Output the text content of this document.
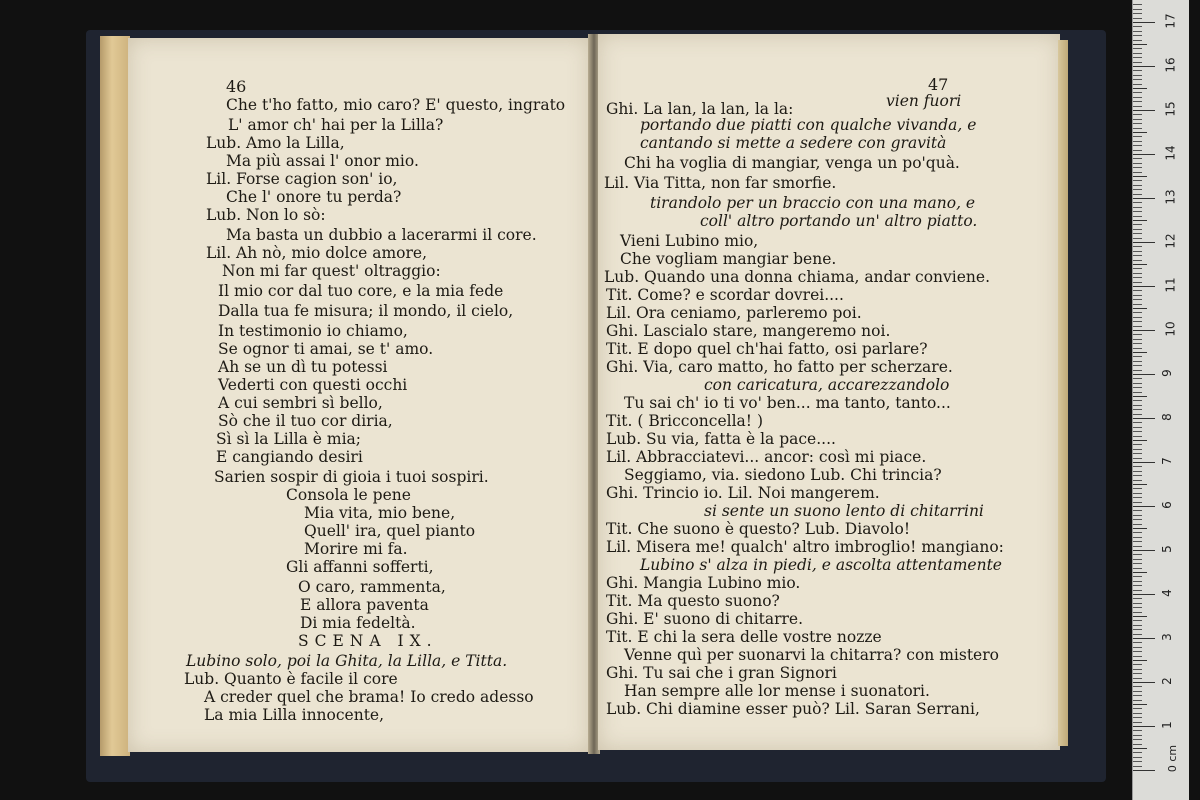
46
Che t'ho fatto, mio caro? E' questo, ingrato
L' amor ch' hai per la Lilla?
Lub. Amo la Lilla,
Ma più assai l' onor mio.
Lil. Forse cagion son' io,
Che l' onore tu perda?
Lub. Non lo sò:
Ma basta un dubbio a lacerarmi il core.
Lil. Ah nò, mio dolce amore,
Non mi far quest' oltraggio:
Il mio cor dal tuo core, e la mia fede
Dalla tua fe misura; il mondo, il cielo,
In testimonio io chiamo,
Se ognor ti amai, se t' amo.
Ah se un dì tu potessi
Vederti con questi occhi
A cui sembri sì bello,
Sò che il tuo cor diria,
Sì sì la Lilla è mia;
E cangiando desiri
Sarien sospir di gioia i tuoi sospiri.
Consola le pene
Mia vita, mio bene,
Quell' ira, quel pianto
Morire mi fa.
Gli affanni sofferti,
O caro, rammenta,
E allora paventa
Di mia fedeltà.
SCENA IX.
Lubino solo, poi la Ghita, la Lilla, e Titta.
Lub. Quanto è facile il core
A creder quel che brama! Io credo adesso
La mia Lilla innocente,
47
Ghi. La lan, la lan, la la:	vien fuori
portando due piatti con qualche vivanda, e
cantando si mette a sedere con gravità
Chi ha voglia di mangiar, venga un po'quà.
Lil. Via Titta, non far smorfie.
tirandolo per un braccio con una mano, e
coll' altro portando un' altro piatto.
Vieni Lubino mio,
Che vogliam mangiar bene.
Lub. Quando una donna chiama, andar conviene.
Tit. Come? e scordar dovrei....
Lil. Ora ceniamo, parleremo poi.
Ghi. Lascialo stare, mangeremo noi.
Tit. E dopo quel ch'hai fatto, osi parlare?
Ghi. Via, caro matto, ho fatto per scherzare.
con caricatura, accarezzandolo
Tu sai ch' io ti vo' ben... ma tanto, tanto...
Tit. ( Bricconcella! )
Lub. Su via, fatta è la pace....
Lil. Abbracciatevi... ancor: così mi piace.
Seggiamo, via. siedono Lub. Chi trincia?
Ghi. Trincio io. Lil. Noi mangerem.
si sente un suono lento di chitarrini
Tit. Che suono è questo? Lub. Diavolo!
Lil. Misera me! qualch' altro imbroglio! mangiano:
Lubino s' alza in piedi, e ascolta attentamente
Ghi. Mangia Lubino mio.
Tit. Ma questo suono?
Ghi. E' suono di chitarre.
Tit. E chi la sera delle vostre nozze
Venne quì per suonarvi la chitarra? con mistero
Ghi. Tu sai che i gran Signori
Han sempre alle lor mense i suonatori.
Lub. Chi diamine esser può? Lil. Saran Serrani,
0 cm
1
2
3
4
5
6
7
8
9
10
11
12
13
14
15
16
17
